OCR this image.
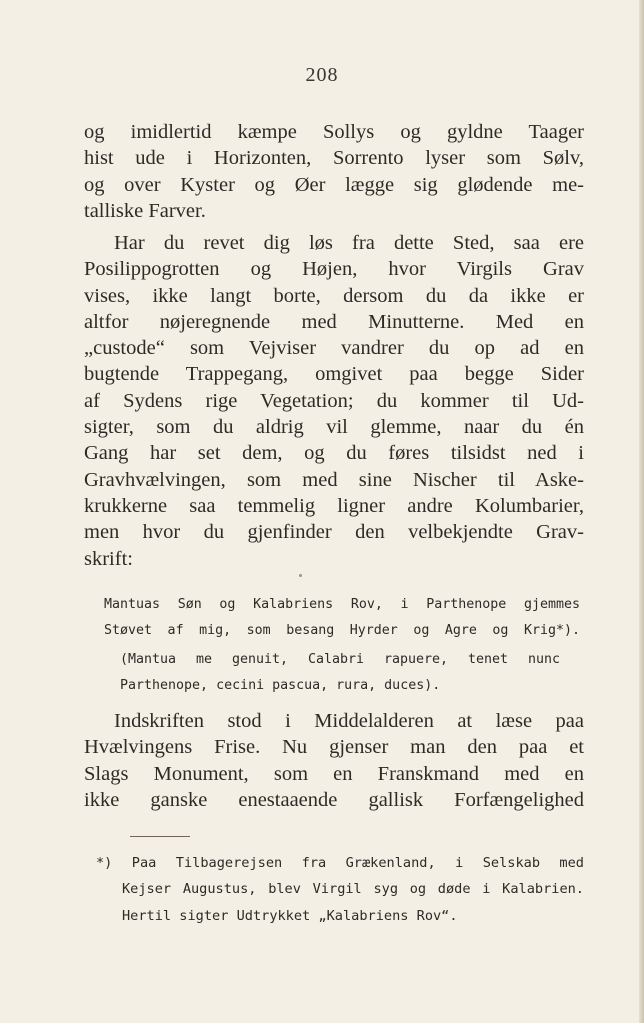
208
og imidlertid kæmpe Sollys og gyldne Taager
hist ude i Horizonten, Sorrento lyser som Sølv,
og over Kyster og Øer lægge sig glødende me-
talliske Farver.
Har du revet dig løs fra dette Sted, saa ere
Posilippogrotten og Højen, hvor Virgils Grav
vises, ikke langt borte, dersom du da ikke er
altfor nøjeregnende med Minutterne. Med en
„custode“ som Vejviser vandrer du op ad en
bugtende Trappegang, omgivet paa begge Sider
af Sydens rige Vegetation; du kommer til Ud-
sigter, som du aldrig vil glemme, naar du én
Gang har set dem, og du føres tilsidst ned i
Gravhvælvingen, som med sine Nischer til Aske-
krukkerne saa temmelig ligner andre Kolumbarier,
men hvor du gjenfinder den velbekjendte Grav-
skrift:
Mantuas Søn og Kalabriens Rov, i Parthenope gjemmes
Støvet af mig, som besang Hyrder og Agre og Krig*).
(Mantua me genuit, Calabri rapuere, tenet nunc
Parthenope, cecini pascua, rura, duces).
Indskriften stod i Middelalderen at læse paa
Hvælvingens Frise. Nu gjenser man den paa et
Slags Monument, som en Franskmand med en
ikke ganske enestaaende gallisk Forfængelighed
*) Paa Tilbagerejsen fra Grækenland, i Selskab med
Kejser Augustus, blev Virgil syg og døde i Kalabrien.
Hertil sigter Udtrykket „Kalabriens Rov“.
